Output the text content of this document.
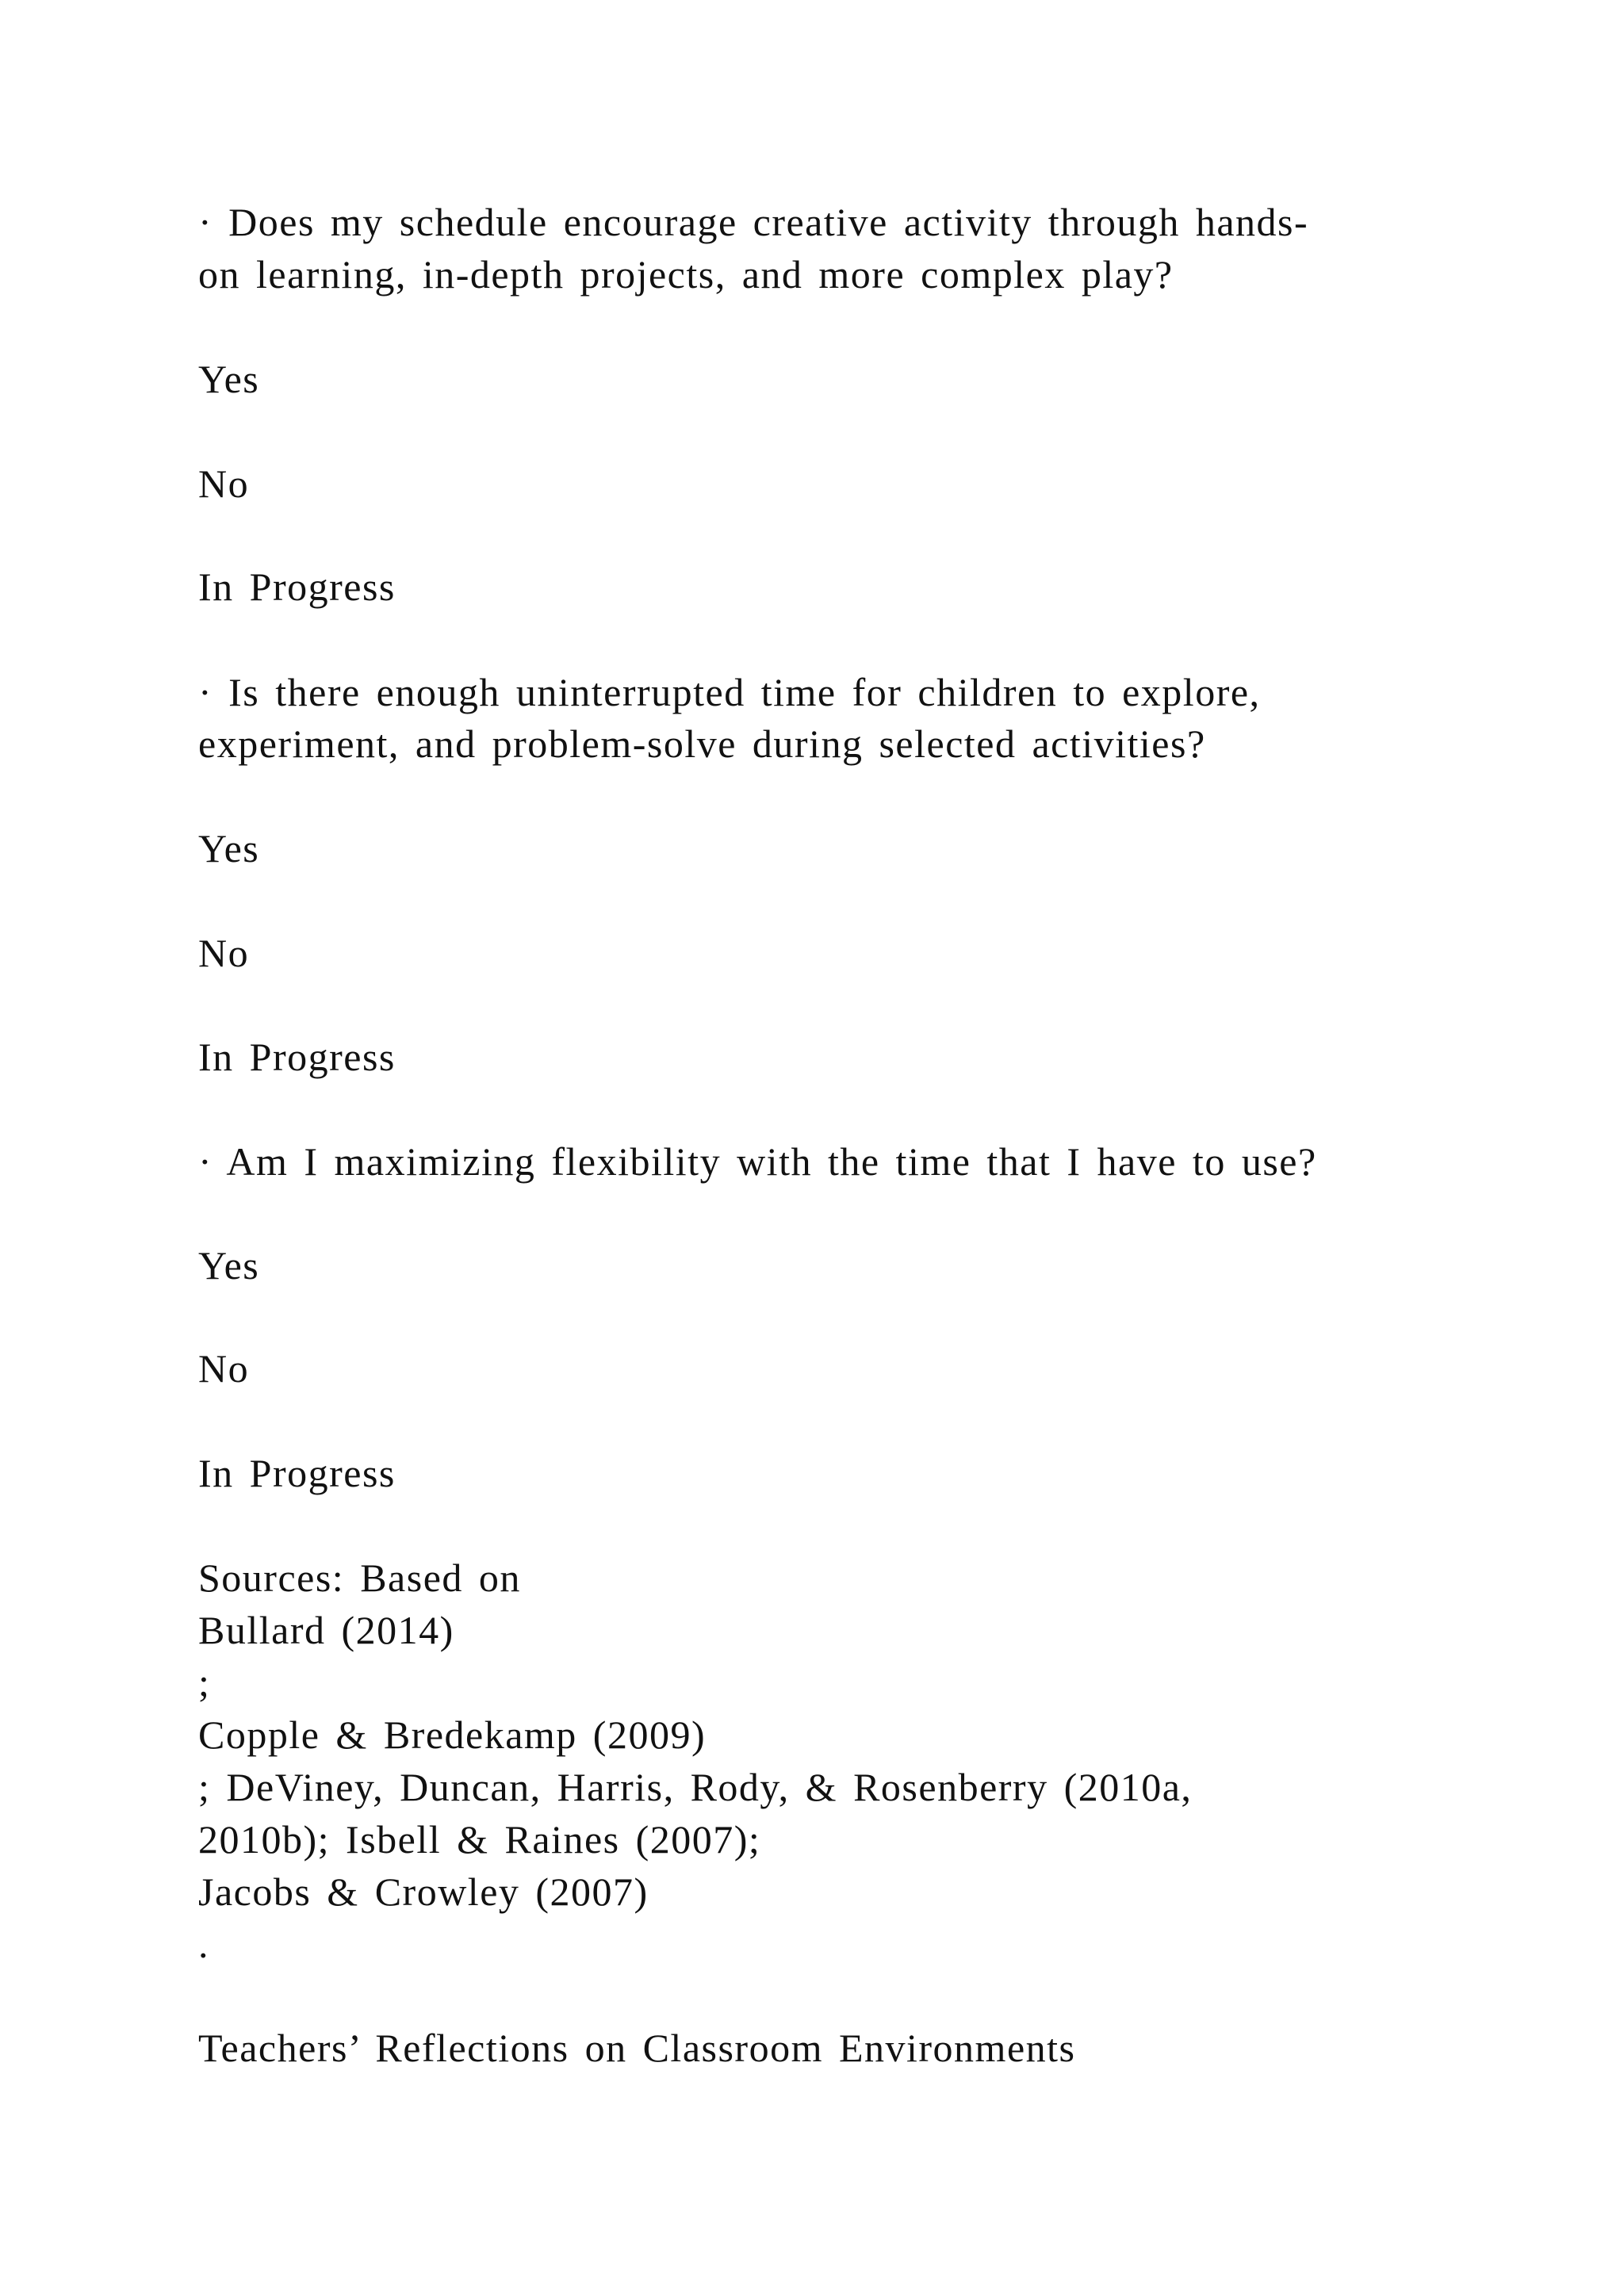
· Does my schedule encourage creative activity through hands-
on learning, in-depth projects, and more complex play?
Yes
No
In Progress
· Is there enough uninterrupted time for children to explore,
experiment, and problem-solve during selected activities?
Yes
No
In Progress
· Am I maximizing flexibility with the time that I have to use?
Yes
No
In Progress
Sources: Based on
Bullard (2014)
;
Copple & Bredekamp (2009)
; DeViney, Duncan, Harris, Rody, & Rosenberry (2010a,
2010b); Isbell & Raines (2007);
Jacobs & Crowley (2007)
.
Teachers’ Reflections on Classroom Environments
